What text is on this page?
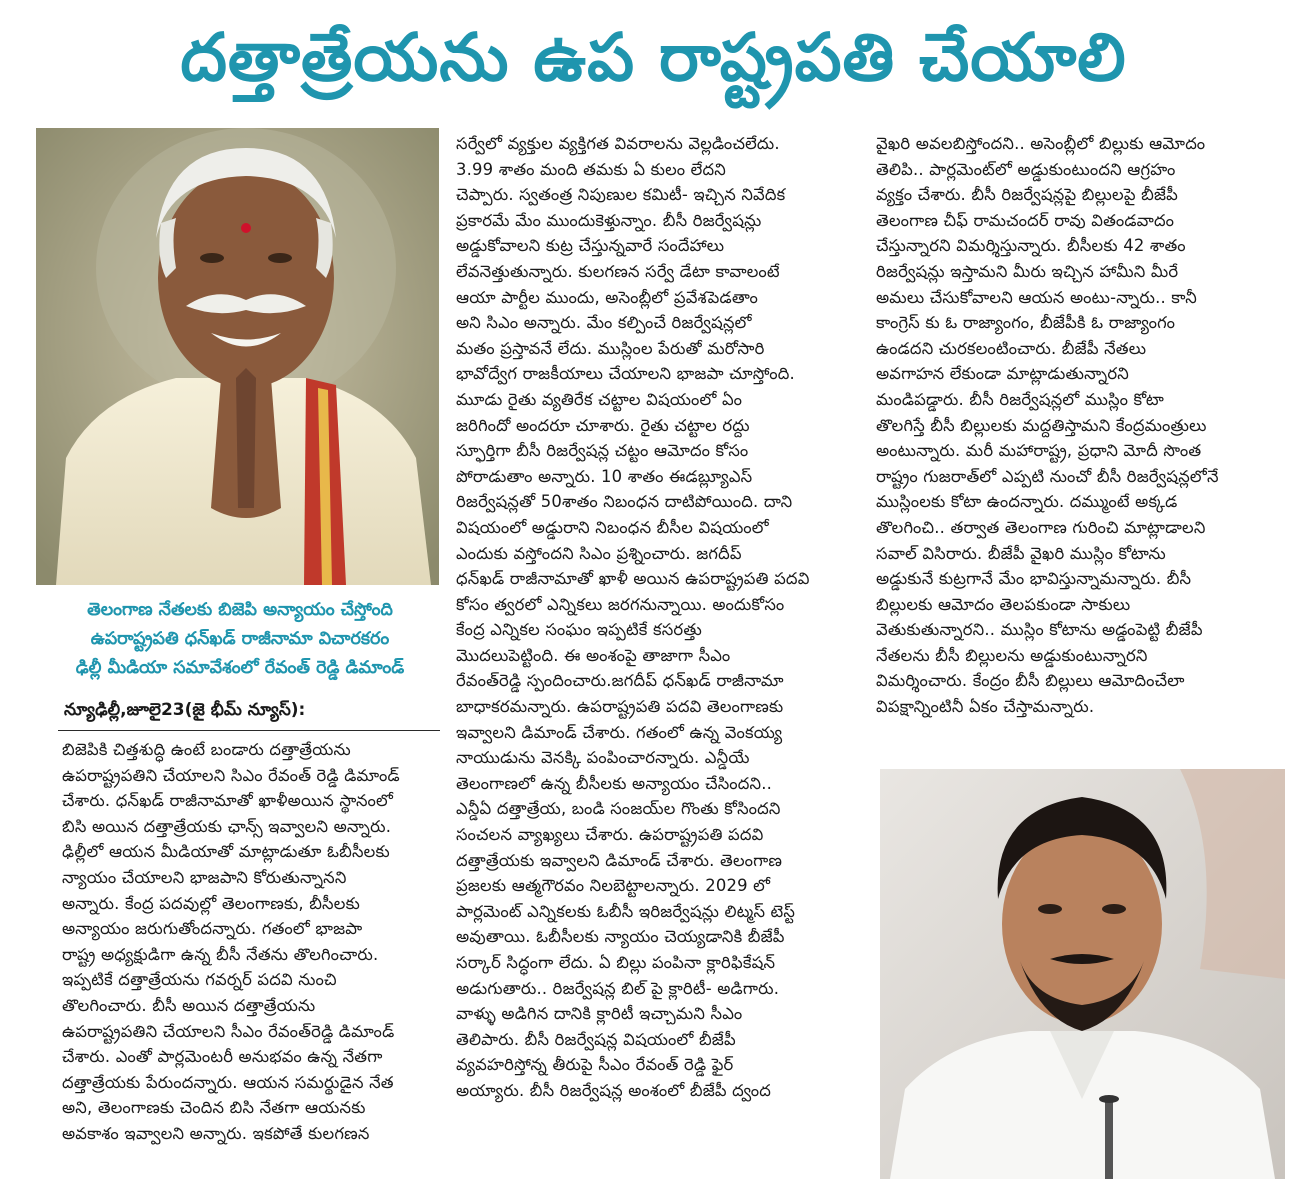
దత్తాత్రేయను ఉప రాష్ట్రపతి చేయాలి
తెలంగాణ నేతలకు బిజెపి అన్యాయం చేస్తోంది
ఉపరాష్ట్రపతి ధన్‌ఖడ్ రాజీనామా విచారకరం
ఢిల్లీ మీడియా సమావేశంలో రేవంత్ రెడ్డి డిమాండ్
న్యూఢిల్లీ,జూలై23(జై భీమ్ న్యూస్):
బిజెపికి చిత్తశుద్ధి ఉంటే బండారు దత్తాత్రేయను
ఉపరాష్ట్రపతిని చేయాలని సిఎం రేవంత్ రెడ్డి డిమాండ్
చేశారు. ధన్‌ఖడ్ రాజీనామాతో ఖాళీఅయిన స్థానంలో
బిసి అయిన దత్తాత్రేయకు ఛాన్స్ ఇవ్వాలని అన్నారు.
ఢిల్లీలో ఆయన మీడియాతో మాట్లాడుతూ ఓబీసీలకు
న్యాయం చేయాలని భాజపాని కోరుతున్నానని
అన్నారు. కేంద్ర పదవుల్లో తెలంగాణకు, బీసీలకు
అన్యాయం జరుగుతోందన్నారు. గతంలో భాజపా
రాష్ట్ర అధ్యక్షుడిగా ఉన్న బీసీ నేతను తొలగించారు.
ఇప్పటికే దత్తాత్రేయను గవర్నర్ పదవి నుంచి
తొలగించారు. బీసీ అయిన దత్తాత్రేయను
ఉపరాష్ట్రపతిని చేయాలని సీఎం రేవంత్‌రెడ్డి డిమాండ్
చేశారు. ఎంతో పార్లమెంటరీ అనుభవం ఉన్న నేతగా
దత్తాత్రేయకు పేరుందన్నారు. ఆయన సమర్థుడైన నేత
అని, తెలంగాణకు చెందిన బిసి నేతగా ఆయనకు
అవకాశం ఇవ్వాలని అన్నారు. ఇకపోతే కులగణన
సర్వేలో వ్యక్తుల వ్యక్తిగత వివరాలను వెల్లడించలేదు.
3.99 శాతం మంది తమకు ఏ కులం లేదని
చెప్పారు. స్వతంత్ర నిపుణుల కమిటీ- ఇచ్చిన నివేదిక
ప్రకారమే మేం ముందుకెళ్తున్నాం. బీసీ రిజర్వేషన్లు
అడ్డుకోవాలని కుట్ర చేస్తున్నవారే సందేహాలు
లేవనెత్తుతున్నారు. కులగణన సర్వే డేటా కావాలంటే
ఆయా పార్టీల ముందు, అసెంబ్లీలో ప్రవేశపెడతాం
అని సిఎం అన్నారు. మేం కల్పించే రిజర్వేషన్లలో
మతం ప్రస్తావనే లేదు. ముస్లింల పేరుతో మరోసారి
భావోద్వేగ రాజకీయాలు చేయాలని భాజపా చూస్తోంది.
మూడు రైతు వ్యతిరేక చట్టాల విషయంలో ఏం
జరిగిందో అందరూ చూశారు. రైతు చట్టాల రద్దు
స్ఫూర్తిగా బీసీ రిజర్వేషన్ల చట్టం ఆమోదం కోసం
పోరాడుతాం అన్నారు. 10 శాతం ఈడబ్ల్యూఎస్
రిజర్వేషన్లతో 50శాతం నిబంధన దాటిపోయింది. దాని
విషయంలో అడ్డురాని నిబంధన బీసీల విషయంలో
ఎందుకు వస్తోందని సిఎం ప్రశ్నించారు. జగదీప్
ధన్‌ఖడ్ రాజీనామాతో ఖాళీ అయిన ఉపరాష్ట్రపతి పదవి
కోసం త్వరలో ఎన్నికలు జరగనున్నాయి. అందుకోసం
కేంద్ర ఎన్నికల సంఘం ఇప్పటికే కసరత్తు
మొదలుపెట్టింది. ఈ అంశంపై తాజాగా సీఎం
రేవంత్‌రెడ్డి స్పందించారు.జగదీప్ ధన్‌ఖడ్ రాజీనామా
బాధాకరమన్నారు. ఉపరాష్ట్రపతి పదవి తెలంగాణకు
ఇవ్వాలని డిమాండ్ చేశారు. గతంలో ఉన్న వెంకయ్య
నాయుడును వెనక్కి పంపించారన్నారు. ఎన్డీయే
తెలంగాణలో ఉన్న బీసీలకు అన్యాయం చేసిందని..
ఎన్డీఏ దత్తాత్రేయ, బండి సంజయ్‌ల గొంతు కోసిందని
సంచలన వ్యాఖ్యలు చేశారు. ఉపరాష్ట్రపతి పదవి
దత్తాత్రేయకు ఇవ్వాలని డిమాండ్ చేశారు. తెలంగాణ
ప్రజలకు ఆత్మగౌరవం నిలబెట్టాలన్నారు. 2029 లో
పార్లమెంట్ ఎన్నికలకు ఓబీసీ ఇరిజర్వేషన్లు లిట్మస్ టెస్ట్
అవుతాయి. ఓబీసీలకు న్యాయం చెయ్యడానికి బీజేపీ
సర్కార్ సిద్ధంగా లేదు. ఏ బిల్లు పంపినా క్లారిఫికేషన్
అడుగుతారు.. రిజర్వేషన్ల బిల్ పై క్లారిటీ- అడిగారు.
వాళ్ళు అడిగిన దానికి క్లారిటీ ఇచ్చామని సీఎం
తెలిపారు. బీసీ రిజర్వేషన్ల విషయంలో బీజేపీ
వ్యవహరిస్తోన్న తీరుపై సీఎం రేవంత్ రెడ్డి ఫైర్
అయ్యారు. బీసీ రిజర్వేషన్ల అంశంలో బీజేపీ ద్వంద
వైఖరి అవలబిస్తోందని.. అసెంబ్లీలో బిల్లుకు ఆమోదం
తెలిపి.. పార్లమెంట్‌లో అడ్డుకుంటుందని ఆగ్రహం
వ్యక్తం చేశారు. బీసీ రిజర్వేషన్లపై బిల్లులపై బీజేపీ
తెలంగాణ చీఫ్ రామచందర్ రావు వితండవాదం
చేస్తున్నారని విమర్శిస్తున్నారు. బీసీలకు 42 శాతం
రిజర్వేషన్లు ఇస్తామని మీరు ఇచ్చిన హామీని మీరే
అమలు చేసుకోవాలని ఆయన అంటు-న్నారు.. కానీ
కాంగ్రెస్ కు ఓ రాజ్యాంగం, బీజేపీకి ఓ రాజ్యాంగం
ఉండదని చురకలంటించారు. బీజేపీ నేతలు
అవగాహన లేకుండా మాట్లాడుతున్నారని
మండిపడ్డారు. బీసీ రిజర్వేషన్లలో ముస్లిం కోటా
తొలగిస్తే బీసీ బిల్లులకు మద్దతిస్తామని కేంద్రమంత్రులు
అంటున్నారు. మరీ మహారాష్ట్ర, ప్రధాని మోదీ సొంత
రాష్ట్రం గుజరాత్‌లో ఎప్పటి నుంచో బీసీ రిజర్వేషన్లలోనే
ముస్లింలకు కోటా ఉందన్నారు. దమ్ముంటే అక్కడ
తొలగించి.. తర్వాత తెలంగాణ గురించి మాట్లాడాలని
సవాల్ విసిరారు. బీజేపీ వైఖరి ముస్లిం కోటాను
అడ్డుకునే కుట్రగానే మేం భావిస్తున్నామన్నారు. బీసీ
బిల్లులకు ఆమోదం తెలపకుండా సాకులు
వెతుకుతున్నారని.. ముస్లిం కోటాను అడ్డంపెట్టి బీజేపీ
నేతలను బీసీ బిల్లులను అడ్డుకుంటున్నారని
విమర్శించారు. కేంద్రం బీసీ బిల్లులు ఆమోదించేలా
విపక్షాన్నింటినీ ఏకం చేస్తామన్నారు.
